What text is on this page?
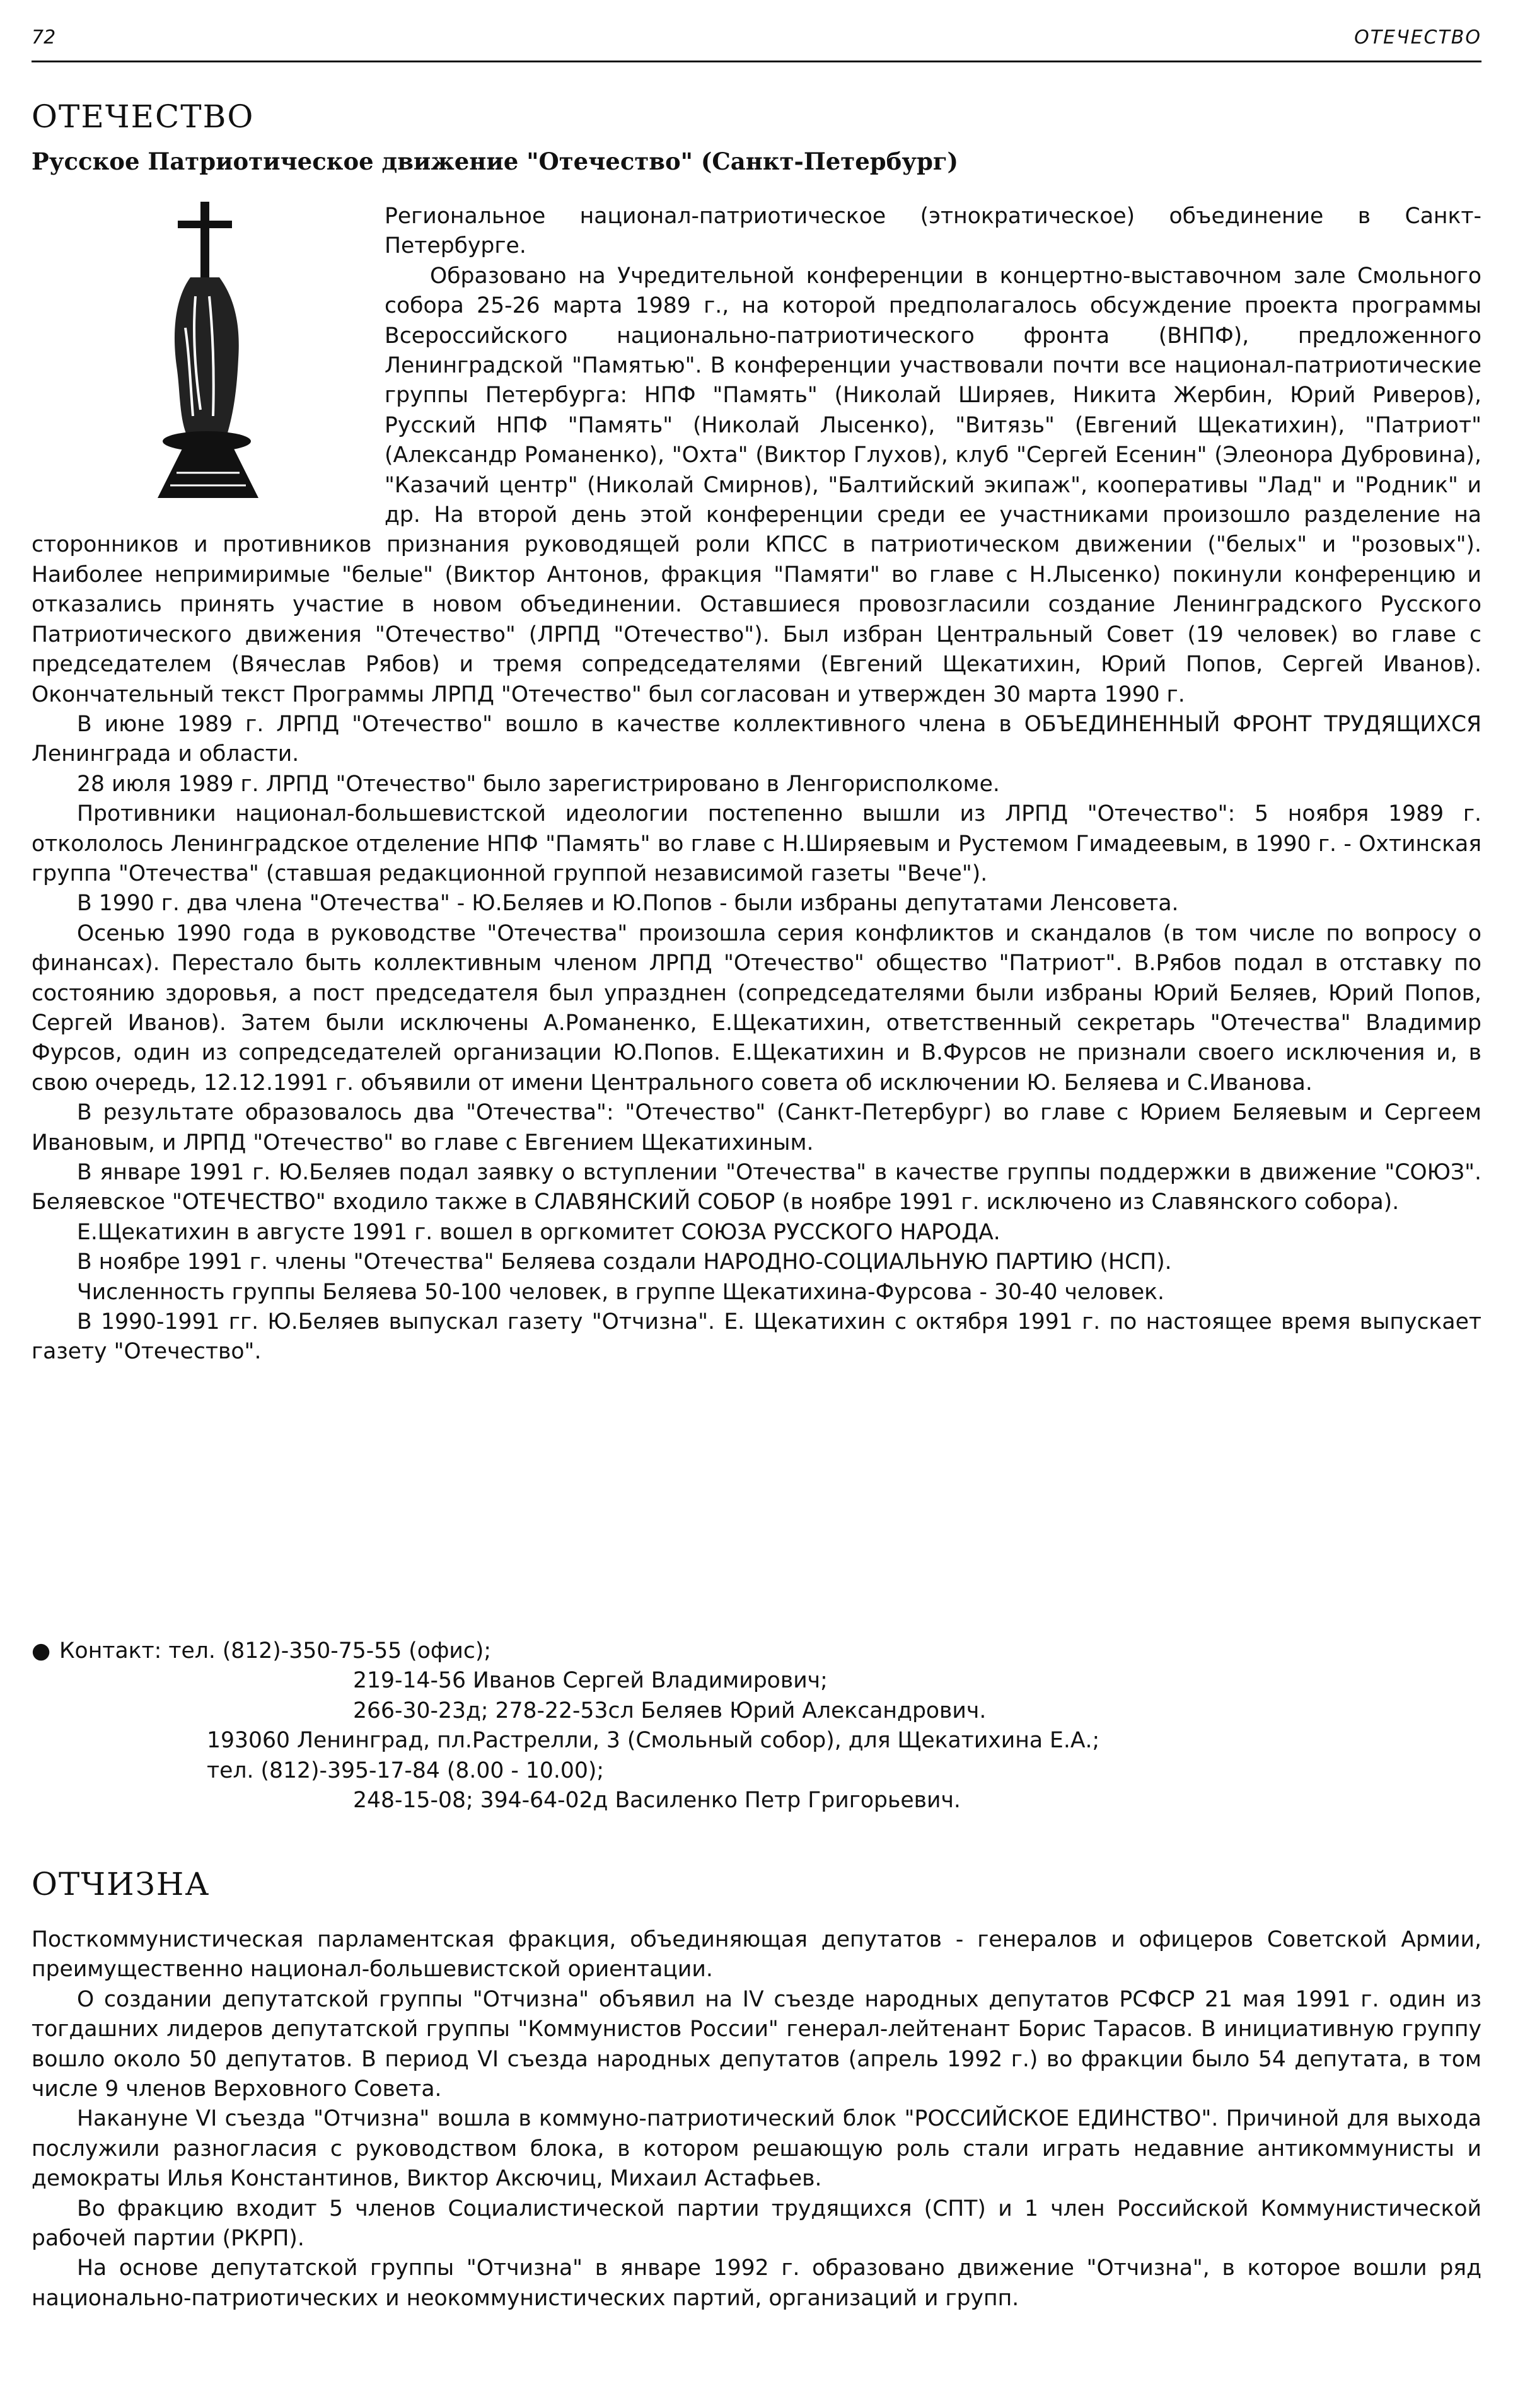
72	ОТЕЧЕСТВО
ОТЕЧЕСТВО
Русское Патриотическое движение "Отечество" (Санкт-Петербург)

Региональное национал-патриотическое (этнократическое) объединение в Санкт-Петербурге.

Образовано на Учредительной конференции в концертно-выставочном зале Смольного собора 25-26 марта 1989 г., на которой предполагалось обсуждение проекта программы Всероссийского национально-патриотического фронта (ВНПФ), предложенного Ленинградской "Памятью". В конференции участвовали почти все национал-патриотические группы Петербурга: НПФ "Память" (Николай Ширяев, Никита Жербин, Юрий Риверов), Русский НПФ "Память" (Николай Лысенко), "Витязь" (Евгений Щекатихин), "Патриот" (Александр Романенко), "Охта" (Виктор Глухов), клуб "Сергей Есенин" (Элеонора Дубровина), "Казачий центр" (Николай Смирнов), "Балтийский экипаж", кооперативы "Лад" и "Родник" и др. На второй день этой конференции среди ее участниками произошло разделение на сторонников и противников признания руководящей роли КПСС в патриотическом движении ("белых" и "розовых"). Наиболее непримиримые "белые" (Виктор Антонов, фракция "Памяти" во главе с Н.Лысенко) покинули конференцию и отказались принять участие в новом объединении. Оставшиеся провозгласили создание Ленинградского Русского Патриотического движения "Отечество" (ЛРПД "Отечество"). Был избран Центральный Совет (19 человек) во главе с председателем (Вячеслав Рябов) и тремя сопредседателями (Евгений Щекатихин, Юрий Попов, Сергей Иванов). Окончательный текст Программы ЛРПД "Отечество" был согласован и утвержден 30 марта 1990 г.

В июне 1989 г. ЛРПД "Отечество" вошло в качестве коллективного члена в ОБЪЕДИНЕННЫЙ ФРОНТ ТРУДЯЩИХСЯ Ленинграда и области.

28 июля 1989 г. ЛРПД "Отечество" было зарегистрировано в Ленгорисполкоме.

Противники национал-большевистской идеологии постепенно вышли из ЛРПД "Отечество": 5 ноября 1989 г. откололось Ленинградское отделение НПФ "Память" во главе с Н.Ширяевым и Рустемом Гимадеевым, в 1990 г. - Охтинская группа "Отечества" (ставшая редакционной группой независимой газеты "Вече").

В 1990 г. два члена "Отечества" - Ю.Беляев и Ю.Попов - были избраны депутатами Ленсовета.

Осенью 1990 года в руководстве "Отечества" произошла серия конфликтов и скандалов (в том числе по вопросу о финансах). Перестало быть коллективным членом ЛРПД "Отечество" общество "Патриот". В.Рябов подал в отставку по состоянию здоровья, а пост председателя был упразднен (сопредседателями были избраны Юрий Беляев, Юрий Попов, Сергей Иванов). Затем были исключены А.Романенко, Е.Щекатихин, ответственный секретарь "Отечества" Владимир Фурсов, один из сопредседателей организации Ю.Попов. Е.Щекатихин и В.Фурсов не признали своего исключения и, в свою очередь, 12.12.1991 г. объявили от имени Центрального совета об исключении Ю. Беляева и С.Иванова.

В результате образовалось два "Отечества": "Отечество" (Санкт-Петербург) во главе с Юрием Беляевым и Сергеем Ивановым, и ЛРПД "Отечество" во главе с Евгением Щекатихиным.

В январе 1991 г. Ю.Беляев подал заявку о вступлении "Отечества" в качестве группы поддержки в движение "СОЮЗ". Беляевское "ОТЕЧЕСТВО" входило также в СЛАВЯНСКИЙ СОБОР (в ноябре 1991 г. исключено из Славянского собора).

Е.Щекатихин в августе 1991 г. вошел в оргкомитет СОЮЗА РУССКОГО НАРОДА.

В ноябре 1991 г. члены "Отечества" Беляева создали НАРОДНО-СОЦИАЛЬНУЮ ПАРТИЮ (НСП).

Численность группы Беляева 50-100 человек, в группе Щекатихина-Фурсова - 30-40 человек.

В 1990-1991 гг. Ю.Беляев выпускал газету "Отчизна". Е. Щекатихин с октября 1991 г. по настоящее время выпускает газету "Отечество".

● Контакт: тел. (812)-350-75-55 (офис);
219-14-56 Иванов Сергей Владимирович;
266-30-23д; 278-22-53сл Беляев Юрий Александрович.
193060 Ленинград, пл.Растрелли, 3 (Смольный собор), для Щекатихина Е.А.;
тел. (812)-395-17-84 (8.00 - 10.00);
248-15-08; 394-64-02д Василенко Петр Григорьевич.
ОТЧИЗНА

Посткоммунистическая парламентская фракция, объединяющая депутатов - генералов и офицеров Советской Армии, преимущественно национал-большевистской ориентации.

О создании депутатской группы "Отчизна" объявил на IV съезде народных депутатов РСФСР 21 мая 1991 г. один из тогдашних лидеров депутатской группы "Коммунистов России" генерал-лейтенант Борис Тарасов. В инициативную группу вошло около 50 депутатов. В период VI съезда народных депутатов (апрель 1992 г.) во фракции было 54 депутата, в том числе 9 членов Верховного Совета.

Накануне VI съезда "Отчизна" вошла в коммуно-патриотический блок "РОССИЙСКОЕ ЕДИНСТВО". Причиной для выхода послужили разногласия с руководством блока, в котором решающую роль стали играть недавние антикоммунисты и демократы Илья Константинов, Виктор Аксючиц, Михаил Астафьев.

Во фракцию входит 5 членов Социалистической партии трудящихся (СПТ) и 1 член Российской Коммунистической рабочей партии (РКРП).

На основе депутатской группы "Отчизна" в январе 1992 г. образовано движение "Отчизна", в которое вошли ряд национально-патриотических и неокоммунистических партий, организаций и групп.
